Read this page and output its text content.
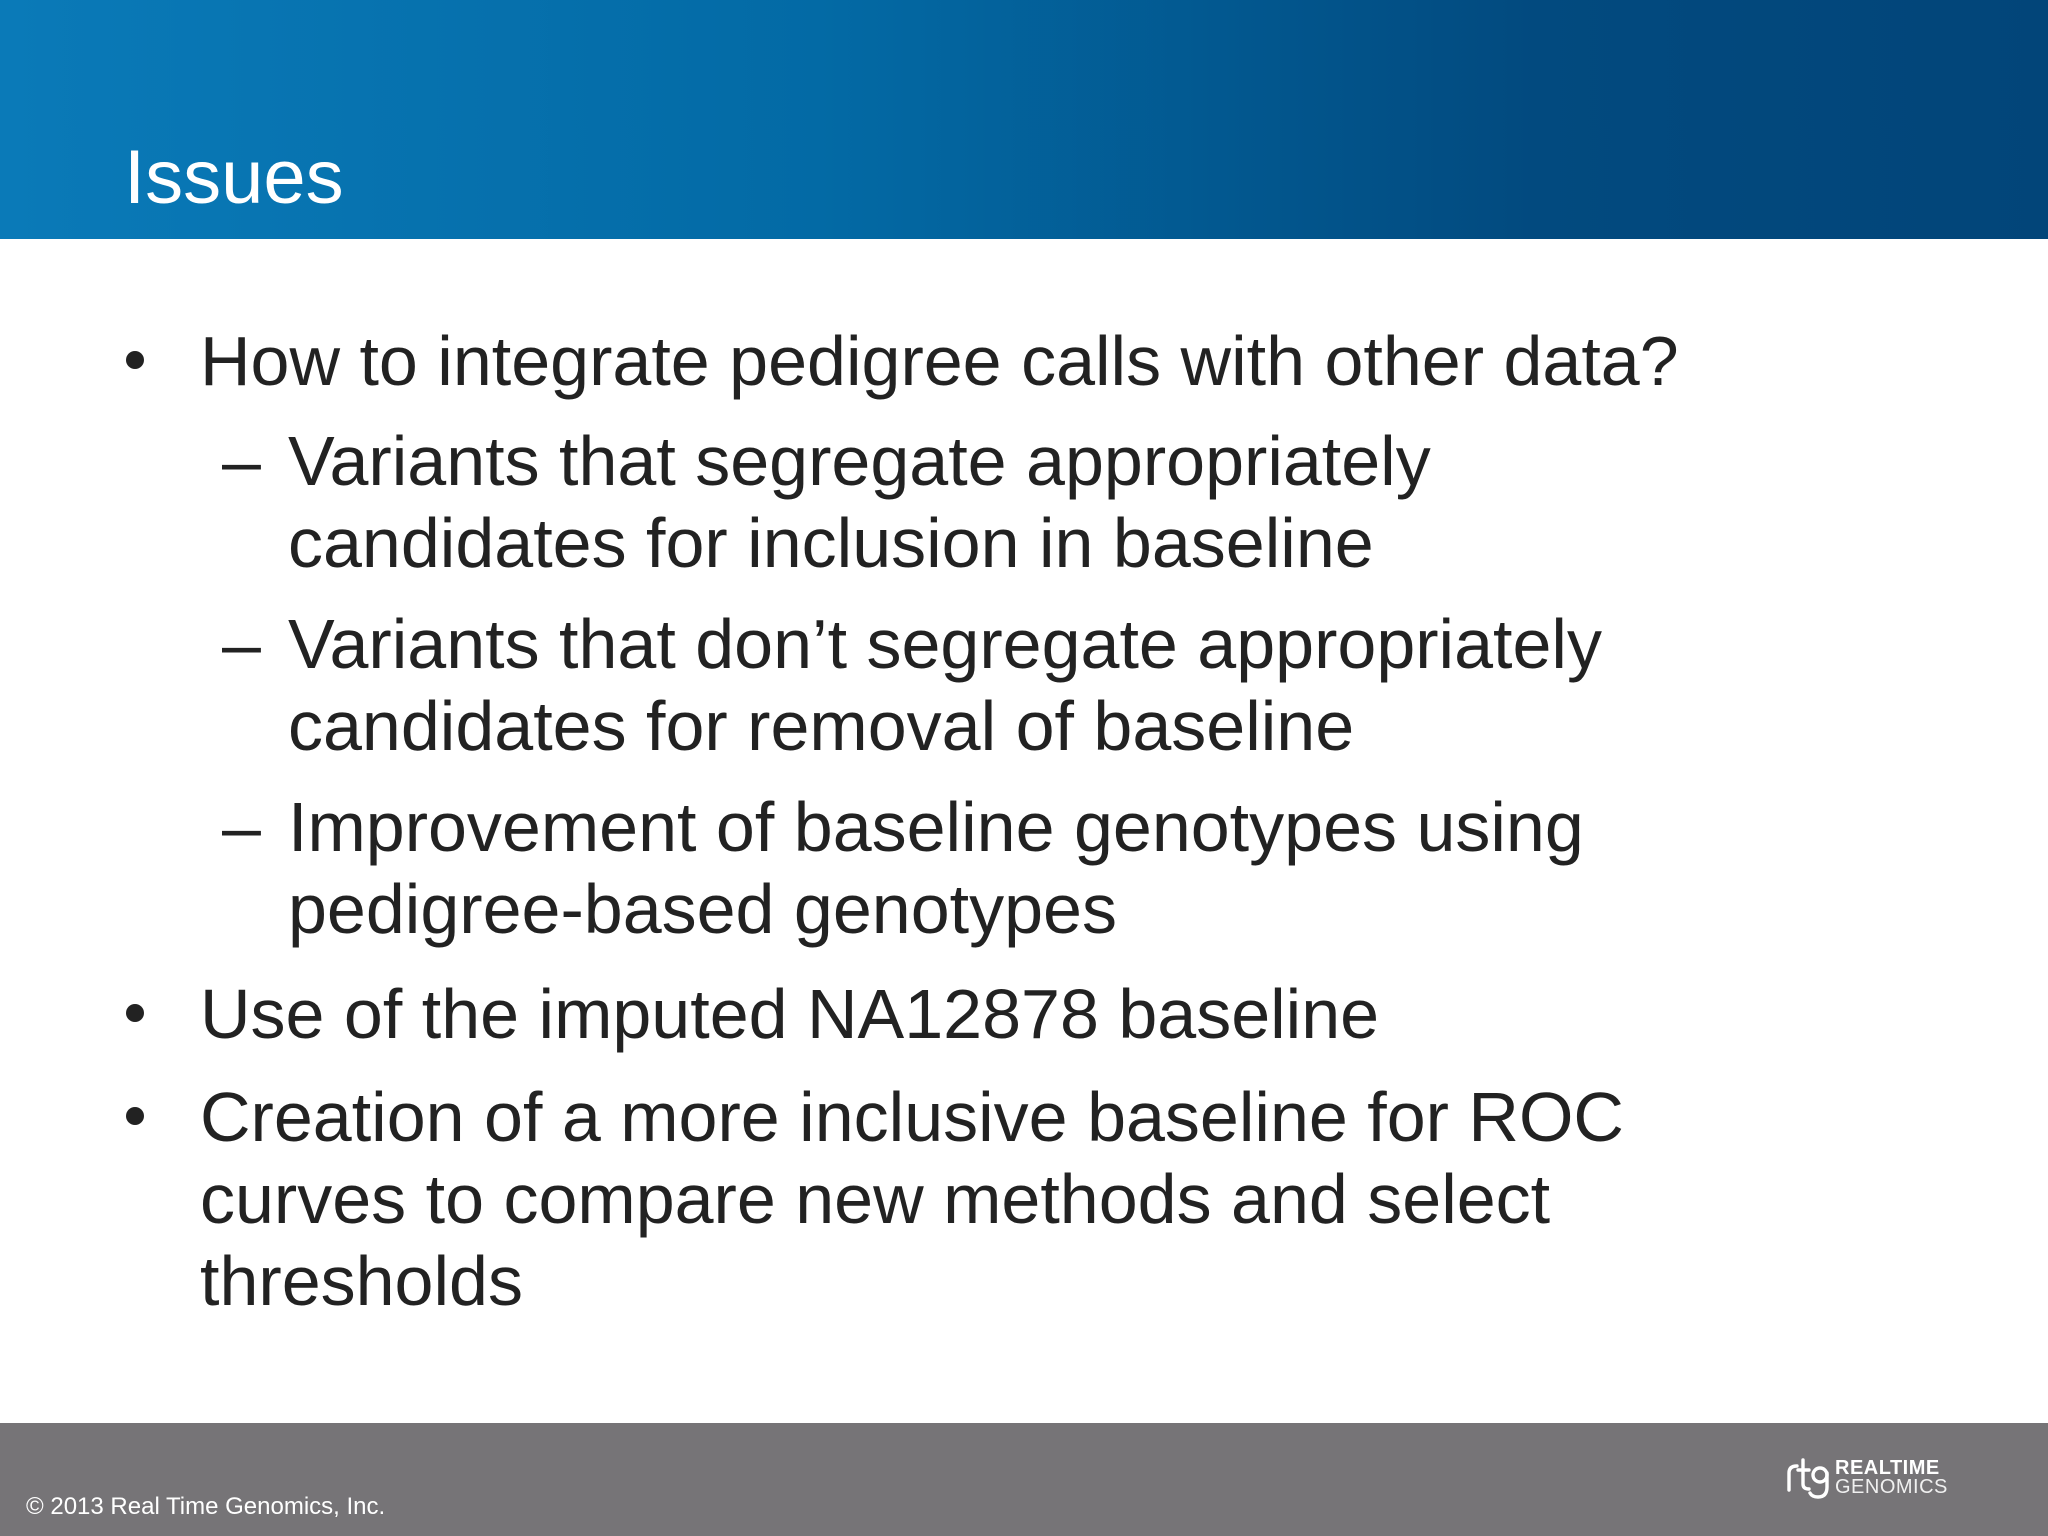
Issues
How to integrate pedigree calls with other data?
– Variants that segregate appropriately
candidates for inclusion in baseline
– Variants that don’t segregate appropriately
candidates for removal of baseline
– Improvement of baseline genotypes using
pedigree-based genotypes
Use of the imputed NA12878 baseline
Creation of a more inclusive baseline for ROC
curves to compare new methods and select
thresholds
© 2013 Real Time Genomics, Inc.
REALTIME
GENOMICS
